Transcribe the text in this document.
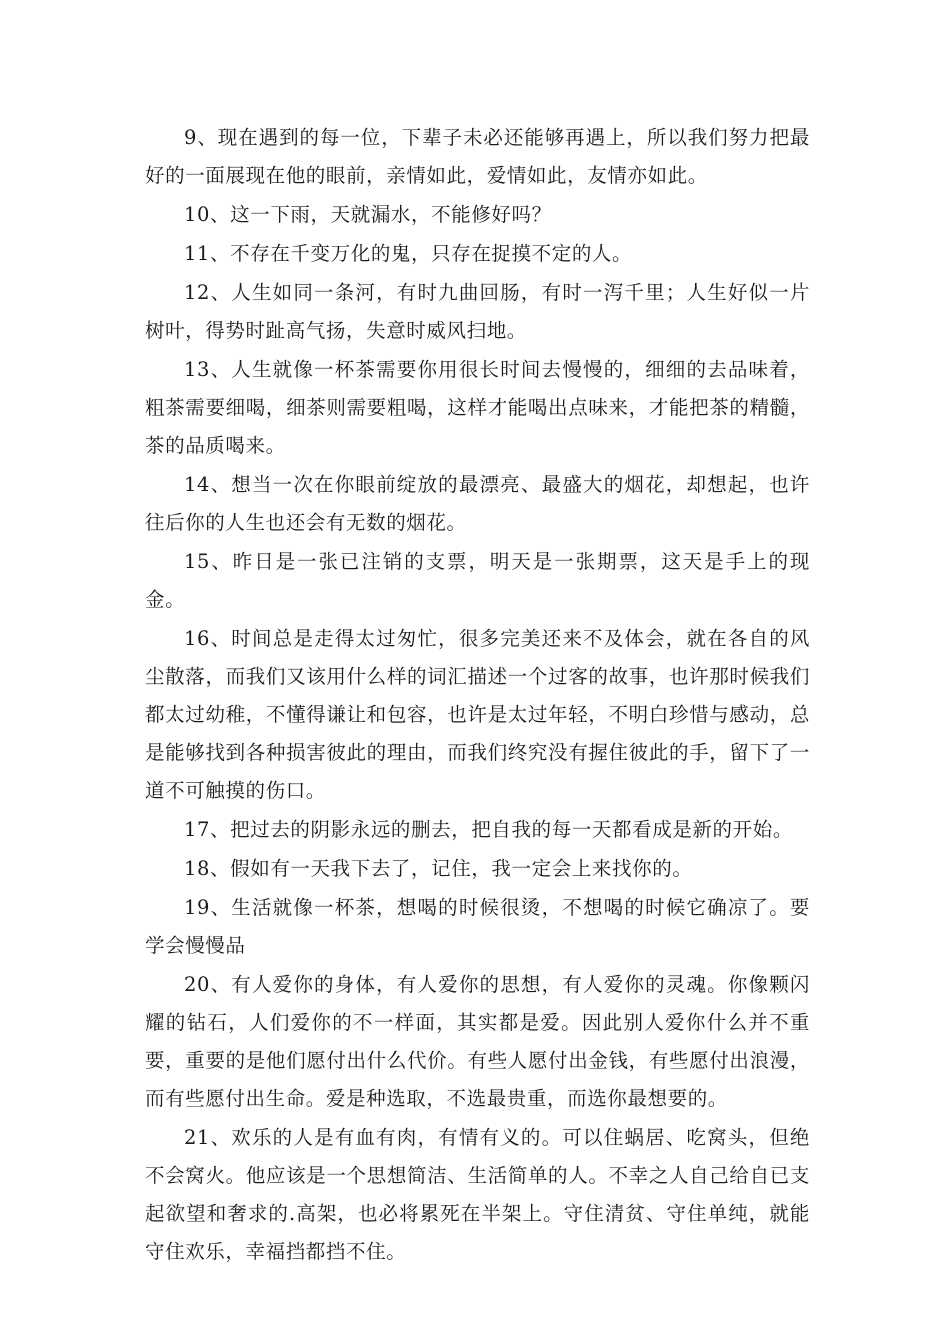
9、现在遇到的每一位，下辈子未必还能够再遇上，所以我们努力把最好的一面展现在他的眼前，亲情如此，爱情如此，友情亦如此。

10、这一下雨，天就漏水，不能修好吗？

11、不存在千变万化的鬼，只存在捉摸不定的人。

12、人生如同一条河，有时九曲回肠，有时一泻千里；人生好似一片树叶，得势时趾高气扬，失意时威风扫地。

13、人生就像一杯茶需要你用很长时间去慢慢的，细细的去品味着，粗茶需要细喝，细茶则需要粗喝，这样才能喝出点味来，才能把茶的精髓，茶的品质喝来。

14、想当一次在你眼前绽放的最漂亮、最盛大的烟花，却想起，也许往后你的人生也还会有无数的烟花。

15、昨日是一张已注销的支票，明天是一张期票，这天是手上的现金。

16、时间总是走得太过匆忙，很多完美还来不及体会，就在各自的风尘散落，而我们又该用什么样的词汇描述一个过客的故事，也许那时候我们都太过幼稚，不懂得谦让和包容，也许是太过年轻，不明白珍惜与感动，总是能够找到各种损害彼此的理由，而我们终究没有握住彼此的手，留下了一道不可触摸的伤口。

17、把过去的阴影永远的删去，把自我的每一天都看成是新的开始。

18、假如有一天我下去了，记住，我一定会上来找你的。

19、生活就像一杯茶，想喝的时候很烫，不想喝的时候它确凉了。要学会慢慢品

20、有人爱你的身体，有人爱你的思想，有人爱你的灵魂。你像颗闪耀的钻石，人们爱你的不一样面，其实都是爱。因此别人爱你什么并不重要，重要的是他们愿付出什么代价。有些人愿付出金钱，有些愿付出浪漫，而有些愿付出生命。爱是种选取，不选最贵重，而选你最想要的。

21、欢乐的人是有血有肉，有情有义的。可以住蜗居、吃窝头，但绝不会窝火。他应该是一个思想简洁、生活简单的人。不幸之人自己给自已支起欲望和奢求的.高架，也必将累死在半架上。守住清贫、守住单纯，就能守住欢乐，幸福挡都挡不住。
